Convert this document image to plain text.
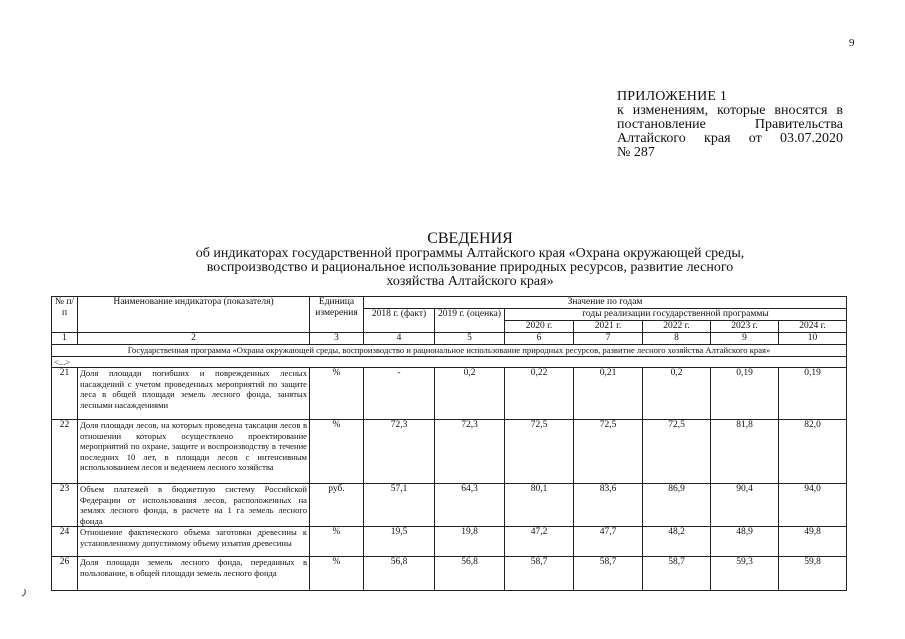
9
ПРИЛОЖЕНИЕ 1
к изменениям, которые вносятся в
постановление Правительства
Алтайского края от 03.07.2020
№ 287
СВЕДЕНИЯ
об индикаторах государственной программы Алтайского края «Охрана окружающей среды,
воспроизводство и рациональное использование природных ресурсов, развитие лесного
хозяйства Алтайского края»
№ п/п	Наименование индикатора (показателя)	Единица измерения	Значение по годам						
			2018 г. (факт)	2019 г. (оценка)	годы реализации государственной программы				
					2020 г.	2021 г.	2022 г.	2023 г.	2024 г.
1	2	3	4	5	6	7	8	9	10
Государственная программа «Охрана окружающей среды, воспроизводство и рациональное использование природных ресурсов, развитие лесного хозяйства Алтайского края»									
<...>									
21	Доля площади погибших и поврежденных лесных насаждений с учетом проведенных мероприятий по защите леса в общей площади земель лесного фонда, занятых лесными насаждениями	%	-	0,2	0,22	0,21	0,2	0,19	0,19
22	Доля площади лесов, на которых проведена таксация лесов в отношении которых осуществлено проектирование мероприятий по охране, защите и воспроизводству в течение последних 10 лет, в площади лесов с интенсивным использованием лесов и ведением лесного хозяйства	%	72,3	72,3	72,5	72,5	72,5	81,8	82,0
23	Объем платежей в бюджетную систему Российской Федерации от использования лесов, расположенных на землях лесного фонда, в расчете на 1 га земель лесного фонда	руб.	57,1	64,3	80,1	83,6	86,9	90,4	94,0
24	Отношение фактического объема заготовки древесины к установленному допустимому объему изъятия древесины	%	19,5	19,8	47,2	47,7	48,2	48,9	49,8
26	Доля площади земель лесного фонда, переданных в пользование, в общей площади земель лесного фонда	%	56,8	56,8	58,7	58,7	58,7	59,3	59,8
ر
